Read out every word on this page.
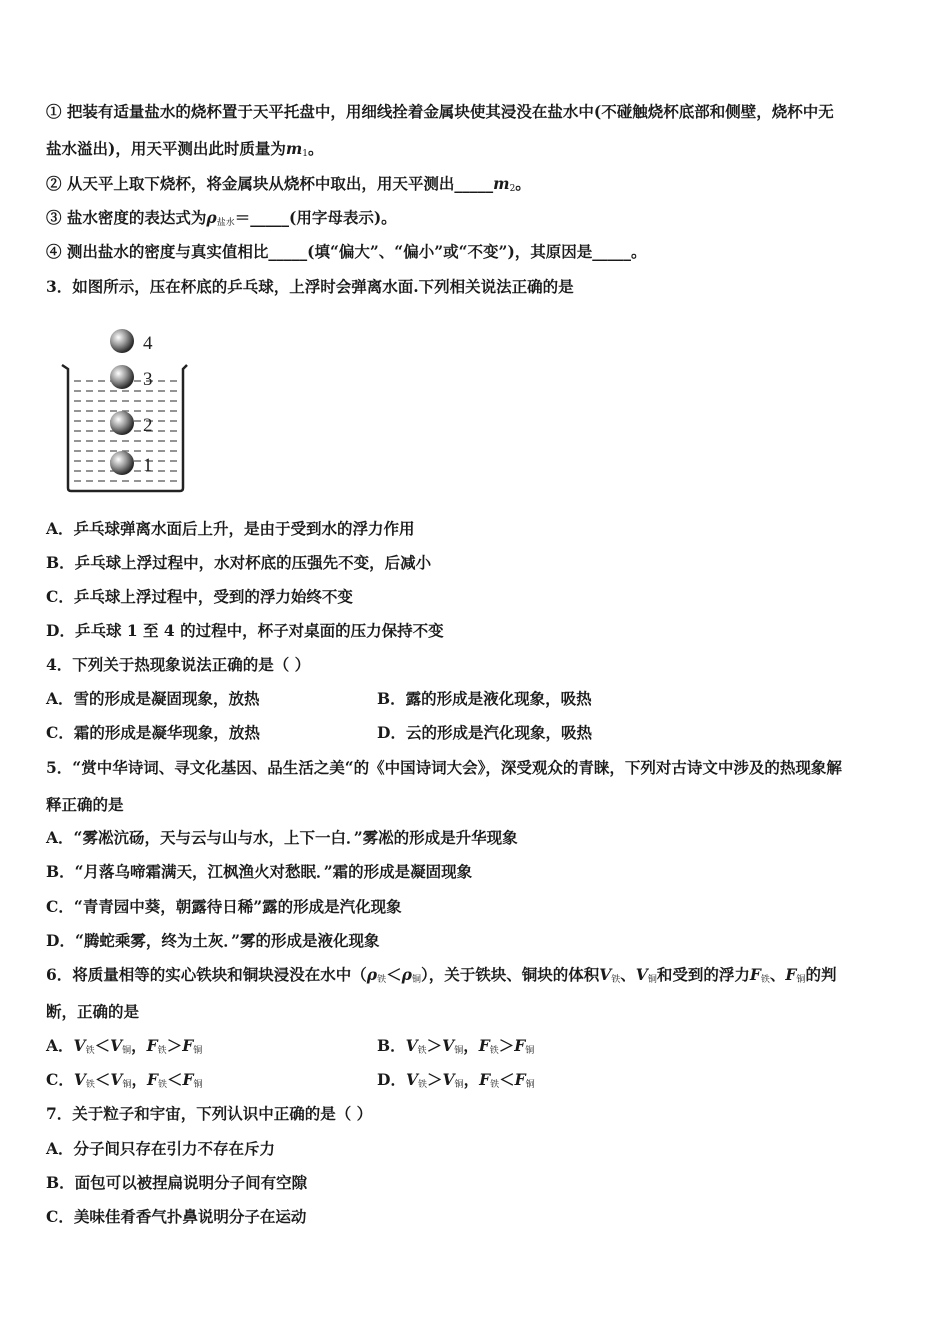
① 把装有适量盐水的烧杯置于天平托盘中，用细线拴着金属块使其浸没在盐水中(不碰触烧杯底部和侧壁，烧杯中无
盐水溢出)，用天平测出此时质量为$m_1$。
② 从天平上取下烧杯，将金属块从烧杯中取出，用天平测出$\_\_\_\_\_m_2$。
③ 盐水密度的表达式为$\rho_{盐水}=\_\_\_\_\_$(用字母表示)。
④ 测出盐水的密度与真实值相比_____(填“偏大”、“偏小”或“不变”)，其原因是_____。
3．如图所示，压在杯底的乒乓球，上浮时会弹离水面.下列相关说法正确的是
4
3
2
1
A．乒乓球弹离水面后上升，是由于受到水的浮力作用
B．乒乓球上浮过程中，水对杯底的压强先不变，后减小
C．乒乓球上浮过程中，受到的浮力始终不变
D．乒乓球 1 至 4 的过程中，杯子对桌面的压力保持不变
4．下列关于热现象说法正确的是（ ）
A．雪的形成是凝固现象，放热	B．露的形成是液化现象，吸热
C．霜的形成是凝华现象，放热	D．云的形成是汽化现象，吸热
5．“赏中华诗词、寻文化基因、品生活之美“的《中国诗词大会》，深受观众的青睐，下列对古诗文中涉及的热现象解
释正确的是
A．“雾凇沆砀，天与云与山与水，上下一白．”雾凇的形成是升华现象
B．“月落乌啼霜满天，江枫渔火对愁眠．”霜的形成是凝固现象
C．“青青园中葵，朝露待日稀”露的形成是汽化现象
D．“腾蛇乘雾，终为土灰．”雾的形成是液化现象
6．将质量相等的实心铁块和铜块浸没在水中$(\rho_铁<\rho_铜)$，关于铁块、铜块的体积$V_铁$、$V_铜$和受到的浮力$F_铁$、$F_铜$的判
断，正确的是
A．$V_铁<V_铜$，$F_铁>F_铜$	B．$V_铁>V_铜$，$F_铁>F_铜$
C．$V_铁<V_铜$，$F_铁<F_铜$	D．$V_铁>V_铜$，$F_铁<F_铜$
7．关于粒子和宇宙，下列认识中正确的是（ ）
A．分子间只存在引力不存在斥力
B．面包可以被捏扁说明分子间有空隙
C．美味佳肴香气扑鼻说明分子在运动
